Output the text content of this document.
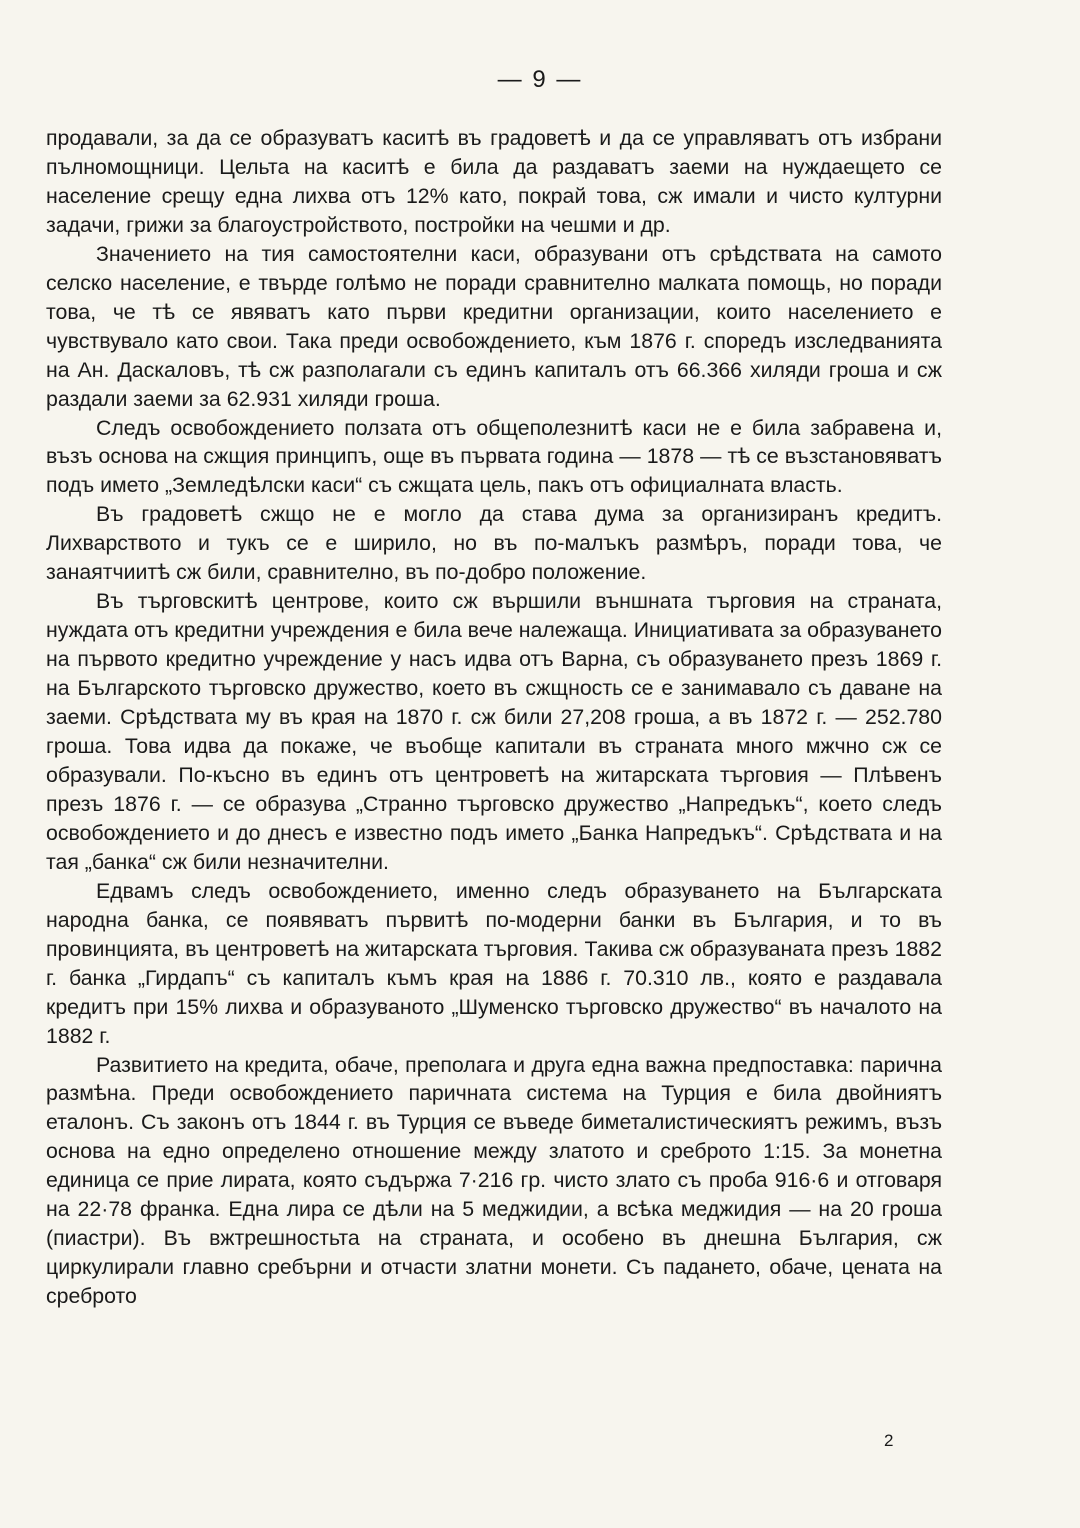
— 9 —

продавали, за да се образуватъ каситѣ въ градоветѣ и да се управляватъ отъ избрани пълномощници. Цельта на каситѣ е била да раздаватъ заеми на нуждаещето се население срещу една лихва отъ 12% като, покрай това, сж имали и чисто културни задачи, грижи за благоустройството, постройки на чешми и др.

Значението на тия самостоятелни каси, образувани отъ срѣдствата на самото селско население, е твърде голѣмо не поради сравнително малката помощь, но поради това, че тѣ се явяватъ като първи кредитни организации, които населението е чувствувало като свои. Така преди освобождението, към 1876 г. споредъ изследванията на Ан. Даскаловъ, тѣ сж разполагали съ единъ капиталъ отъ 66.366 хиляди гроша и сж раздали заеми за 62.931 хиляди гроша.

Следъ освобождението ползата отъ общеполезнитѣ каси не е била забравена и, възъ основа на сжщия принципъ, още въ първата година — 1878 — тѣ се възстановяватъ подъ името „Земледѣлски каси“ съ сжщата цель, пакъ отъ официалната власть.

Въ градоветѣ сжщо не е могло да става дума за организиранъ кредитъ. Лихварството и тукъ се е ширило, но въ по-малъкъ размѣръ, поради това, че занаятчиитѣ сж били, сравнително, въ по-добро положение.

Въ търговскитѣ центрове, които сж вършили външната търговия на страната, нуждата отъ кредитни учреждения е била вече належаща. Инициативата за образуването на първото кредитно учреждение у насъ идва отъ Варна, съ образуването презъ 1869 г. на Българското търговско дружество, което въ сжщность се е занимавало съ даване на заеми. Срѣдствата му въ края на 1870 г. сж били 27,208 гроша, а въ 1872 г. — 252.780 гроша. Това идва да покаже, че въобще капитали въ страната много мжчно сж се образували. По-късно въ единъ отъ центроветѣ на житарската търговия — Плѣвенъ презъ 1876 г. — се образува „Странно търговско дружество „Напредъкъ“, което следъ освобождението и до днесъ е известно подъ името „Банка Напредъкъ“. Срѣдствата и на тая „банка“ сж били незначителни.

Едвамъ следъ освобождението, именно следъ образуването на Българската народна банка, се появяватъ първитѣ по-модерни банки въ България, и то въ провинцията, въ центроветѣ на житарската търговия. Такива сж образуваната презъ 1882 г. банка „Гирдапъ“ съ капиталъ къмъ края на 1886 г. 70.310 лв., която е раздавала кредитъ при 15% лихва и образуваното „Шуменско търговско дружество“ въ началото на 1882 г.

Развитието на кредита, обаче, преполага и друга една важна предпоставка: парична размѣна. Преди освобождението паричната система на Турция е била двойниятъ еталонъ. Съ законъ отъ 1844 г. въ Турция се въведе биметалистическиятъ режимъ, възъ основа на едно определено отношение между златото и среброто 1:15. За монетна единица се прие лирата, която съдържа 7·216 гр. чисто злато съ проба 916·6 и отговаря на 22·78 франка. Една лира се дѣли на 5 меджидии, а всѣка меджидия — на 20 гроша (пиастри). Въ вжтрешностьта на страната, и особено въ днешна България, сж циркулирали главно сребърни и отчасти златни монети. Съ падането, обаче, цената на среброто

2
